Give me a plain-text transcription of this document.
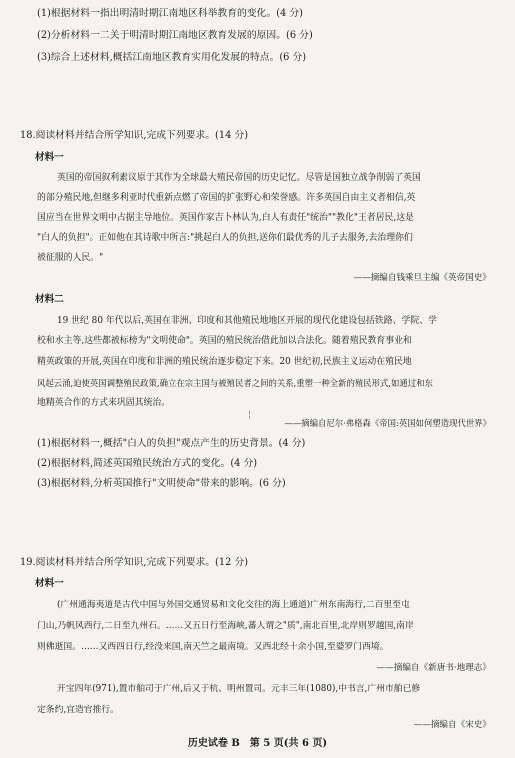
(1)根据材料一指出明清时期江南地区科举教育的变化。(4 分)
(2)分析材料一二关于明清时期江南地区教育发展的原因。(6 分)
(3)综合上述材料,概括江南地区教育实用化发展的特点。(6 分)
18.阅读材料并结合所学知识,完成下列要求。(14 分)
材料一
英国的帝国叙利素议原于其作为全球最大殖民帝国的历史记忆。尽管是国独立战争削弱了英国
的部分殖民地,但继多利亚时代重新点燃了帝国的扩张野心和荣誉感。许多英国自由主义者相信,英
国应当在世界文明中占据主导地位。英国作家吉卜林认为,白人有责任"统治""教化"王者居民,这是
"白人的负担"。正如他在其诗歌中所言:"挑起白人的负担,送你们最优秀的儿子去服务,去治理你们
被征服的人民。"
——摘编自钱乘旦主编《英帝国史》
材料二
19 世纪 80 年代以后,英国在非洲、印度和其他殖民地地区开展的现代化建设包括铁路、学院、学
校和水主等,这些都被标榜为"文明使命"。英国的殖民统治借此加以合法化。随着殖民教育事业和
精英政策的开展,英国在印度和非洲的殖民统治逐步稳定下来。20 世纪初,民族主义运动在殖民地
风起云涌,迫使英国调整殖民政策,确立在宗主国与被殖民者之间的关系,重塑一种全新的殖民形式,如通过和东
地精英合作的方式来巩固其统治。
¦
——摘编自尼尔·弗格森《帝国:英国如何塑造现代世界》
(1)根据材料一,概括"白人的负担"观点产生的历史背景。(4 分)
(2)根据材料,简述英国殖民统治方式的变化。(4 分)
(3)根据材料,分析英国推行"文明使命"带来的影响。(6 分)
19.阅读材料并结合所学知识,完成下列要求。(12 分)
材料一
(广州通海夷道是古代中国与外国交通贸易和文化交往的海上通道)广州东南海行,二百里至屯
门山,乃帆风西行,二日至九州石。……又五日行至海峡,蕃人谓之"质",南北百里,北岸则罗越国,南岸
则佛逝国。……又西四日行,经没来国,南天竺之最南境。又西北经十余小国,至婆罗门西境。
——摘编自《新唐书·地理志》
开宝四年(971),置市舶司于广州,后又于杭、明州置司。元丰三年(1080),中书言,广州市舶已修
定条约,宜造官推行。
——摘编自《宋史》
历史试卷 B　第 5 页(共 6 页)
